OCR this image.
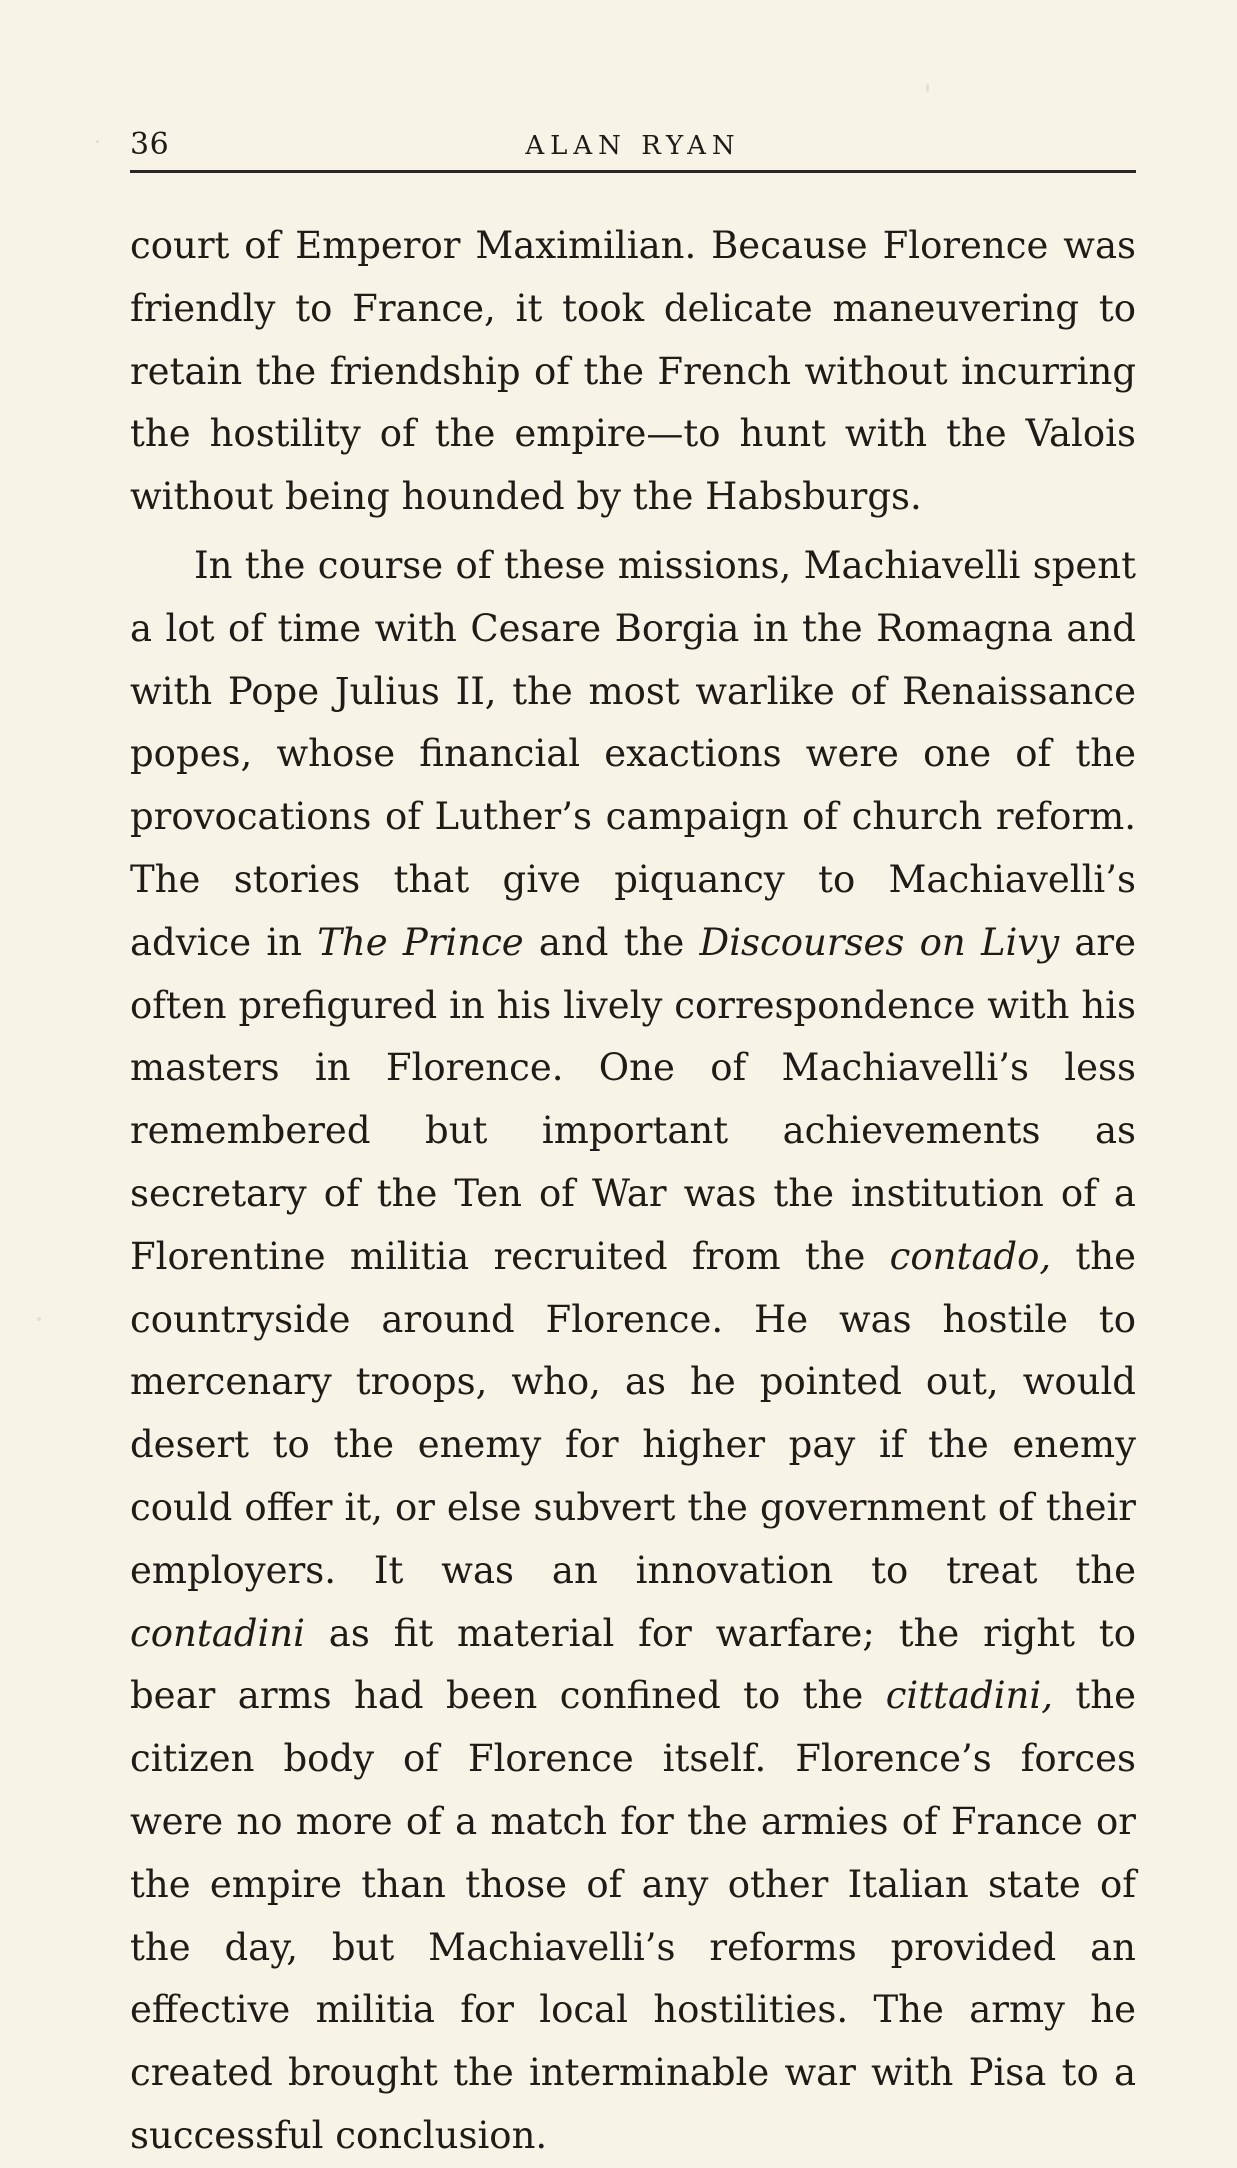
36	ALAN RYAN

court of Emperor Maximilian. Because Florence was friendly to France, it took delicate maneuvering to retain the friendship of the French without incurring the hostility of the empire—to hunt with the Valois without being hounded by the Habsburgs.

In the course of these missions, Machiavelli spent a lot of time with Cesare Borgia in the Romagna and with Pope Julius II, the most warlike of Renaissance popes, whose financial exactions were one of the provocations of Luther’s campaign of church reform. The stories that give piquancy to Machiavelli’s advice in The Prince and the Discourses on Livy are often prefigured in his lively correspondence with his masters in Florence. One of Machiavelli’s less remembered but important achievements as secretary of the Ten of War was the institution of a Florentine militia recruited from the contado, the countryside around Florence. He was hostile to mercenary troops, who, as he pointed out, would desert to the enemy for higher pay if the enemy could offer it, or else subvert the government of their employers. It was an innovation to treat the contadini as fit material for warfare; the right to bear arms had been confined to the cittadini, the citizen body of Florence itself. Florence’s forces were no more of a match for the armies of France or the empire than those of any other Italian state of the day, but Machiavelli’s reforms provided an effective militia for local hostilities. The army he created brought the interminable war with Pisa to a successful conclusion.
